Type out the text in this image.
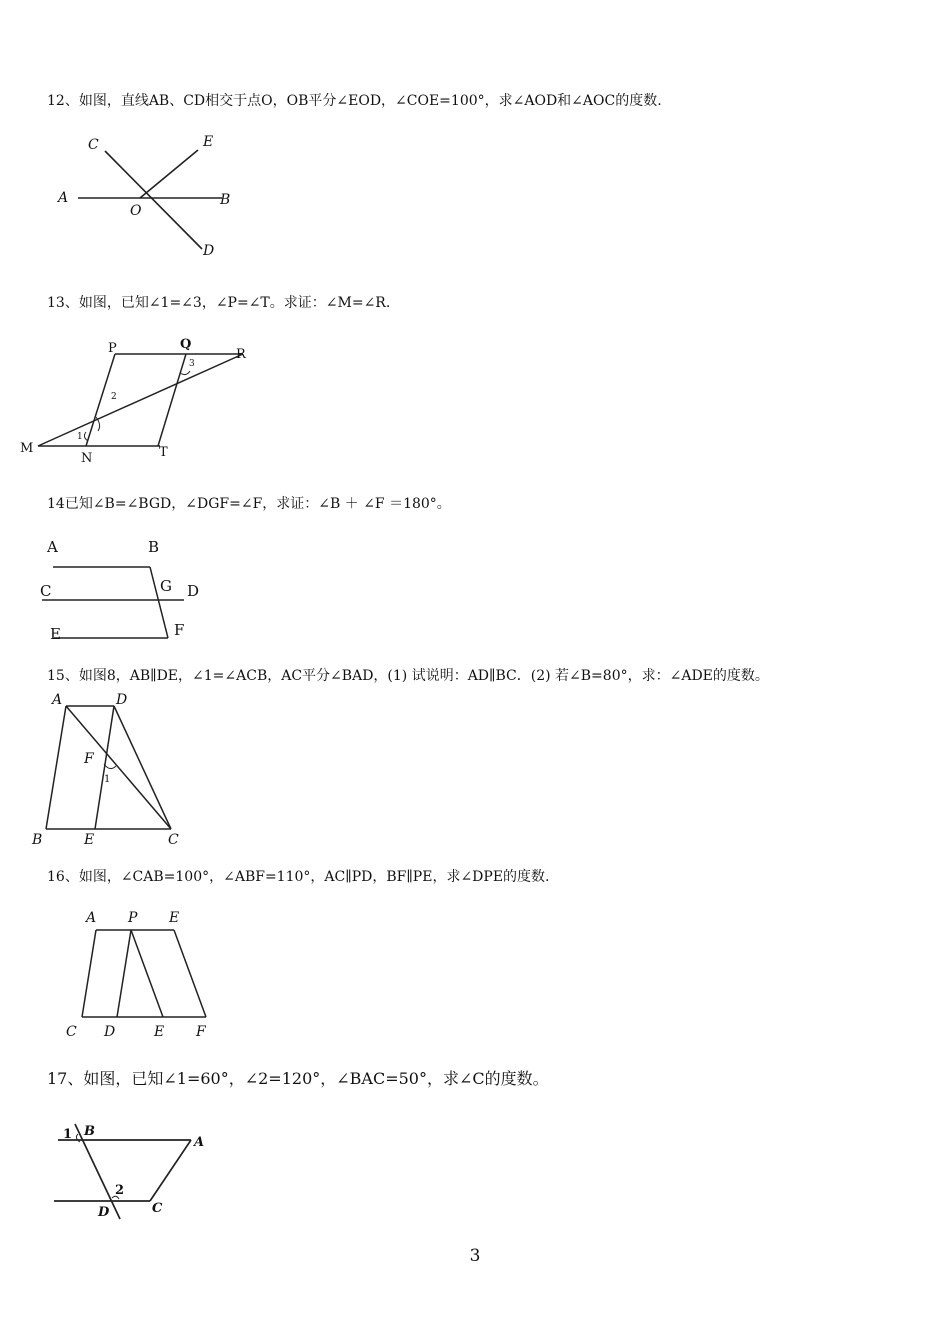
12、如图，直线AB、CD相交于点O，OB平分∠EOD，∠COE=100°，求∠AOD和∠AOC的度数.
A	B
C
D
E
O
13、如图，已知∠1=∠3，∠P=∠T。求证：∠M=∠R.
P	Q
R
M
N	T
1
2
3
14已知∠B=∠BGD，∠DGF=∠F，求证：∠B ＋ ∠F ＝180°。
A	B
C	D
G
E	F
15、如图8，AB∥DE，∠1=∠ACB，AC平分∠BAD，(1) 试说明：AD∥BC．(2) 若∠B=80°，求：∠ADE的度数。
A	D
F
1
B	E	C
16、如图，∠CAB=100°，∠ABF=110°，AC∥PD，BF∥PE，求∠DPE的度数.
A P E
C D	E F
17、如图，已知∠1=60°，∠2=120°，∠BAC=50°，求∠C的度数。
1 B
A
2
D	C
3
